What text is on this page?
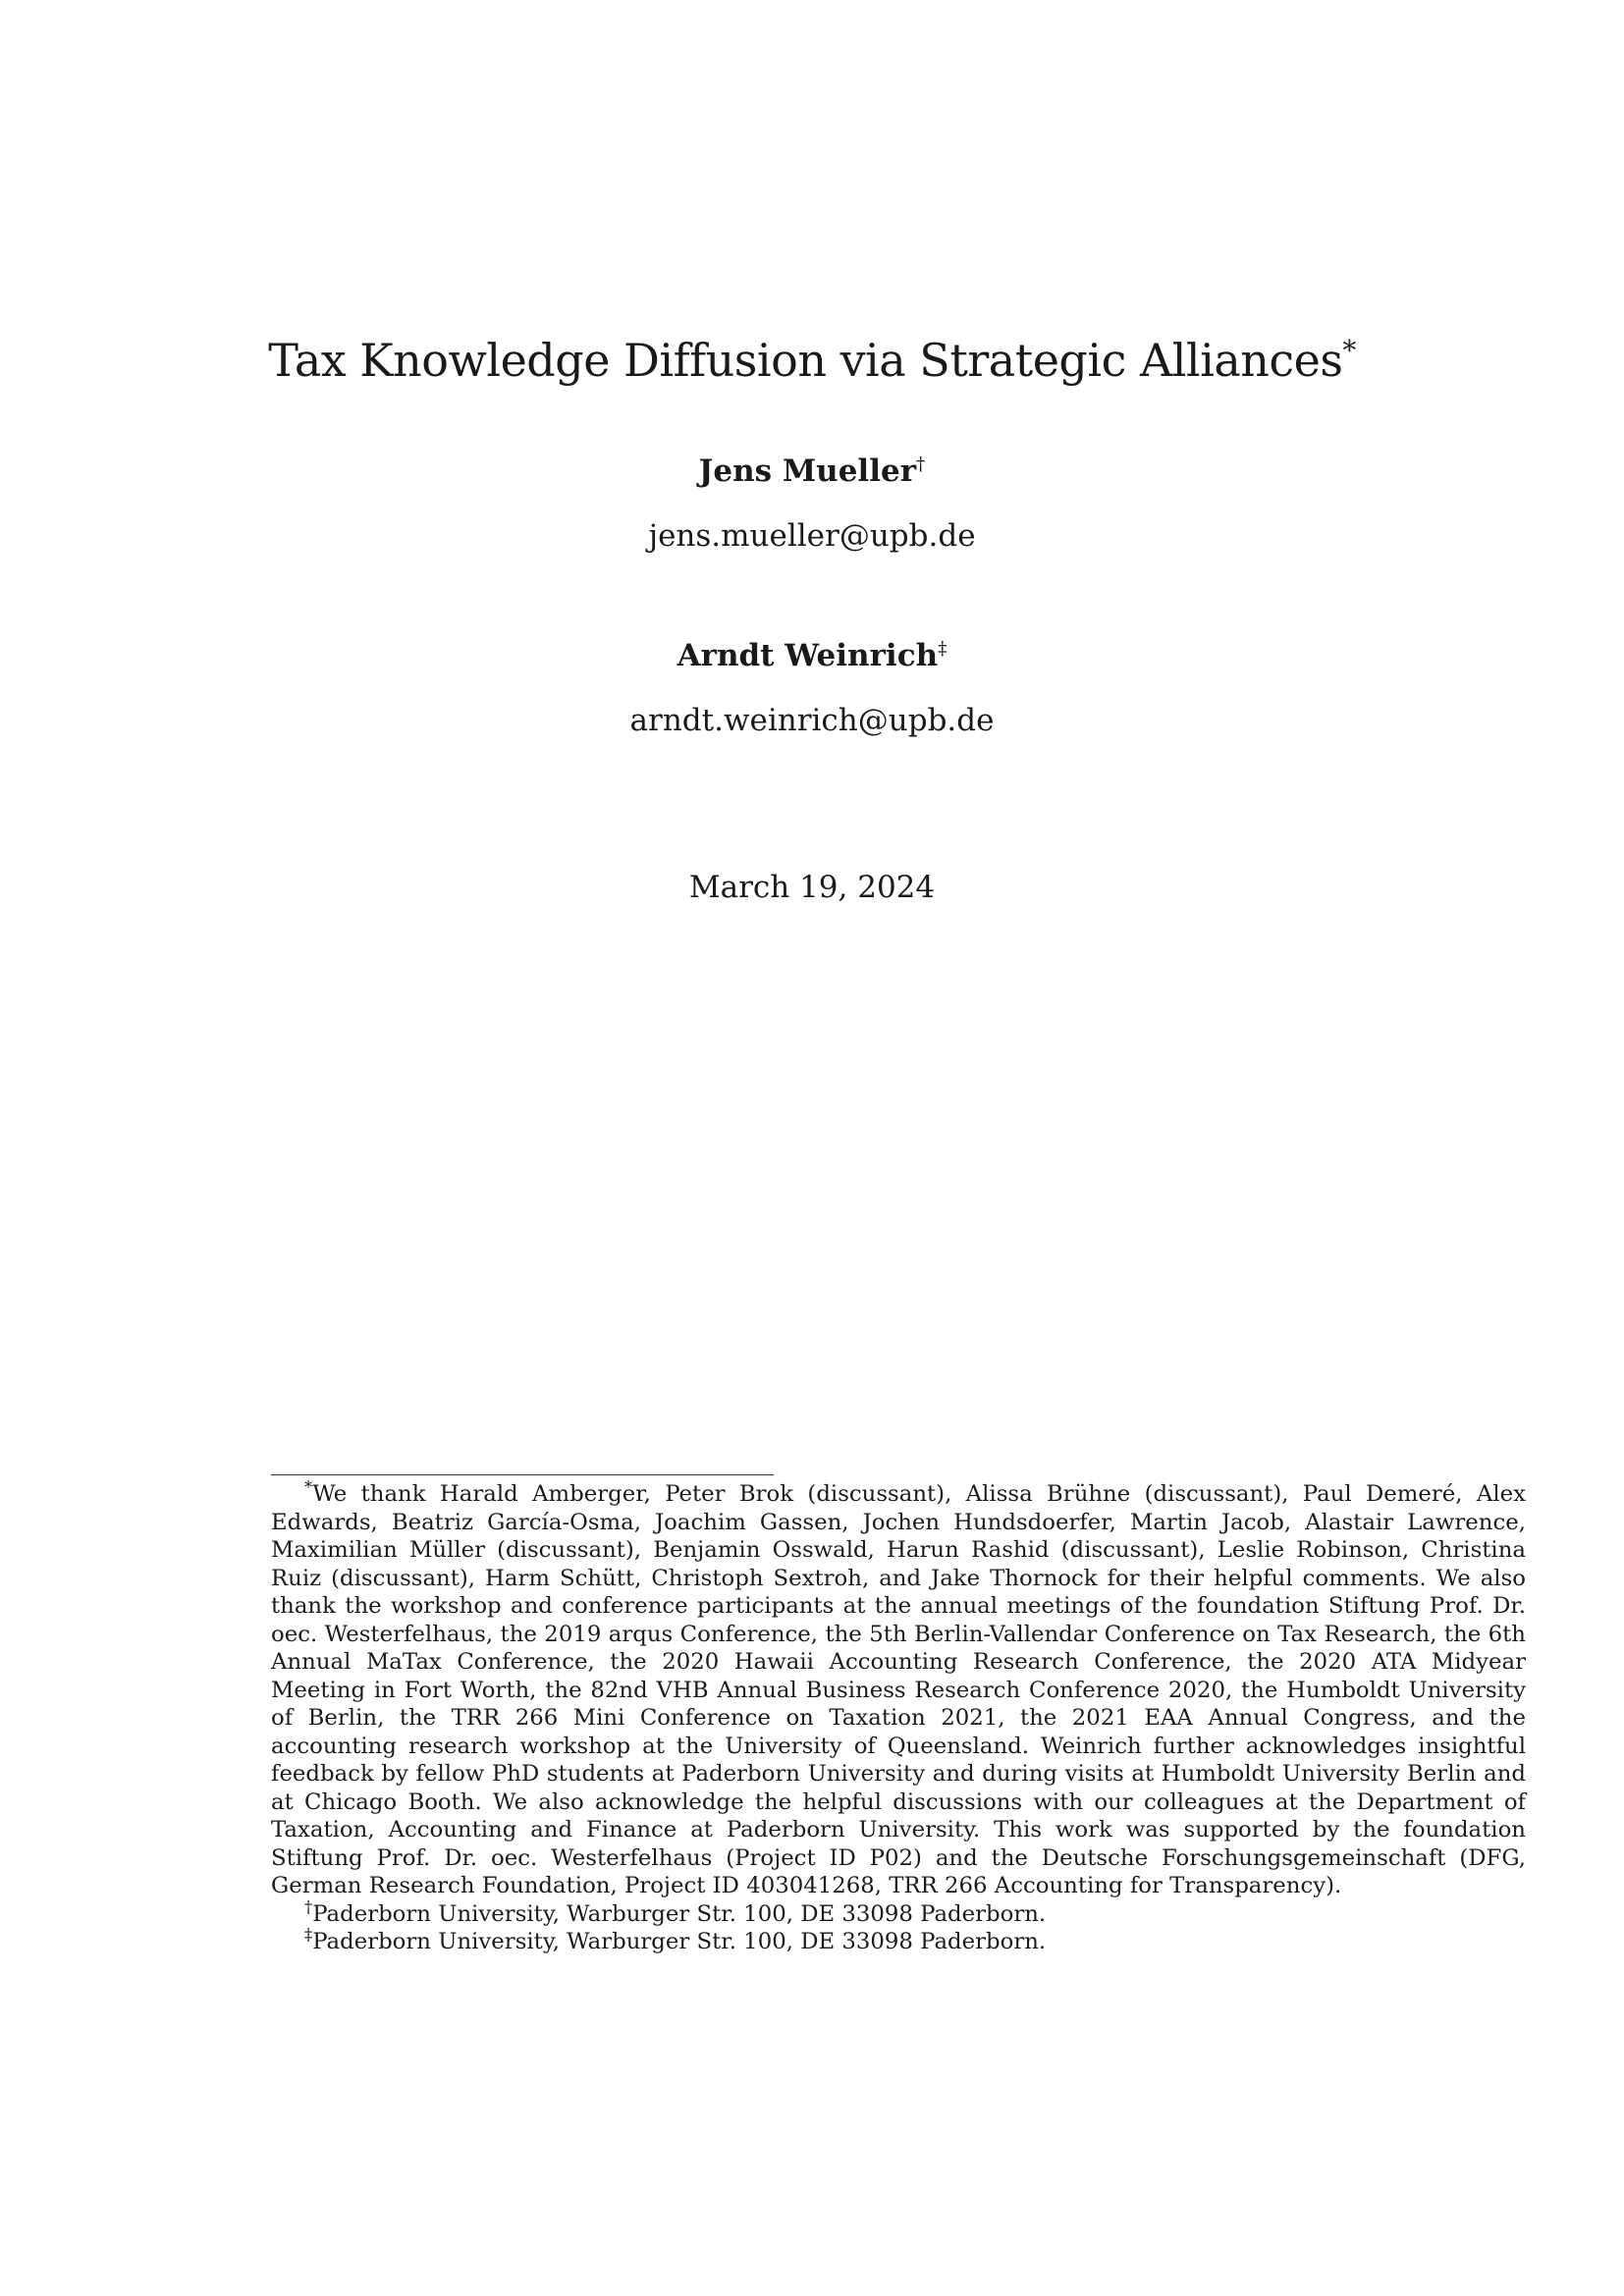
Tax Knowledge Diffusion via Strategic Alliances*
Jens Mueller†
jens.mueller@upb.de
Arndt Weinrich‡
arndt.weinrich@upb.de
March 19, 2024

*We thank Harald Amberger, Peter Brok (discussant), Alissa Brühne (discussant), Paul Demeré, Alex Edwards, Beatriz García-Osma, Joachim Gassen, Jochen Hundsdoerfer, Martin Jacob, Alastair Lawrence, Maximilian Müller (discussant), Benjamin Osswald, Harun Rashid (discussant), Leslie Robinson, Christina Ruiz (discussant), Harm Schütt, Christoph Sextroh, and Jake Thornock for their helpful comments. We also thank the workshop and conference participants at the annual meetings of the foundation Stiftung Prof. Dr. oec. Westerfelhaus, the 2019 arqus Conference, the 5th Berlin-Vallendar Conference on Tax Research, the 6th Annual MaTax Conference, the 2020 Hawaii Accounting Research Conference, the 2020 ATA Midyear Meeting in Fort Worth, the 82nd VHB Annual Business Research Conference 2020, the Humboldt University of Berlin, the TRR 266 Mini Conference on Taxation 2021, the 2021 EAA Annual Congress, and the accounting research workshop at the University of Queensland. Weinrich further acknowledges insightful feedback by fellow PhD students at Paderborn University and during visits at Humboldt University Berlin and at Chicago Booth. We also acknowledge the helpful discussions with our colleagues at the Department of Taxation, Accounting and Finance at Paderborn University. This work was supported by the foundation Stiftung Prof. Dr. oec. Westerfelhaus (Project ID P02) and the Deutsche Forschungsgemeinschaft (DFG, German Research Foundation, Project ID 403041268, TRR 266 Accounting for Transparency).

†Paderborn University, Warburger Str. 100, DE 33098 Paderborn.

‡Paderborn University, Warburger Str. 100, DE 33098 Paderborn.
